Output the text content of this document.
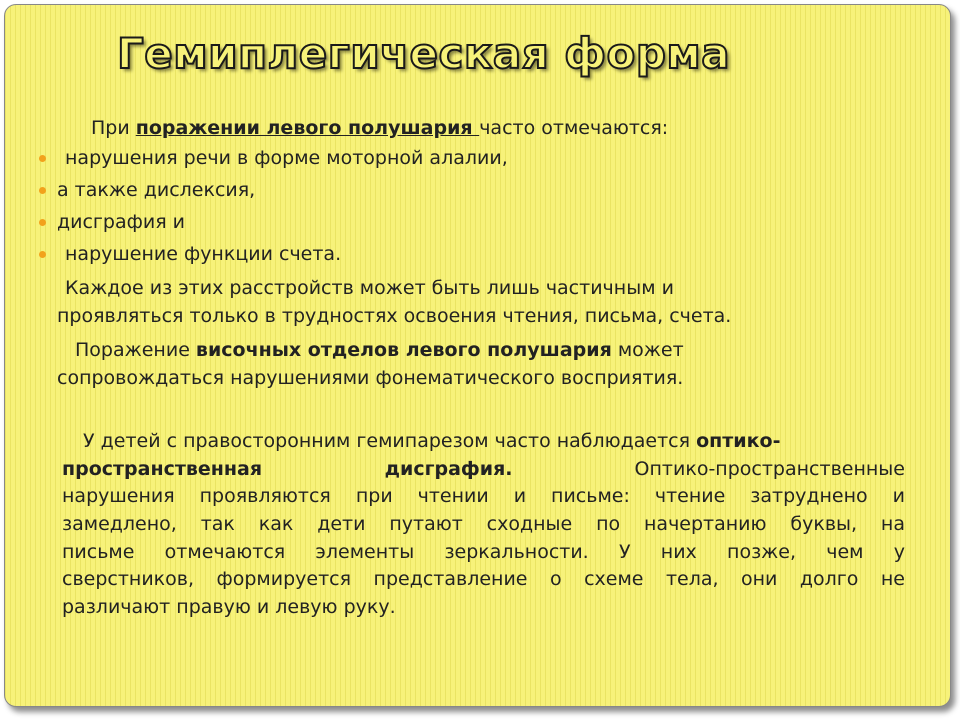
Гемиплегическая форма
При поражении левого полушария часто отмечаются:
нарушения речи в форме моторной алалии,
а также дислексия,
дисграфия и
нарушение функции счета.
Каждое из этих расстройств может быть лишь частичным и
проявляться только в трудностях освоения чтения, письма, счета.
Поражение височных отделов левого полушария может
сопровождаться нарушениями фонематического восприятия.
У детей с правосторонним гемипарезом часто наблюдается оптико-
пространственная дисграфия. Оптико-пространственные
нарушения проявляются при чтении и письме: чтение затруднено и
замедлено, так как дети путают сходные по начертанию буквы, на
письме отмечаются элементы зеркальности. У них позже, чем у
сверстников, формируется представление о схеме тела, они долго не
различают правую и левую руку.
